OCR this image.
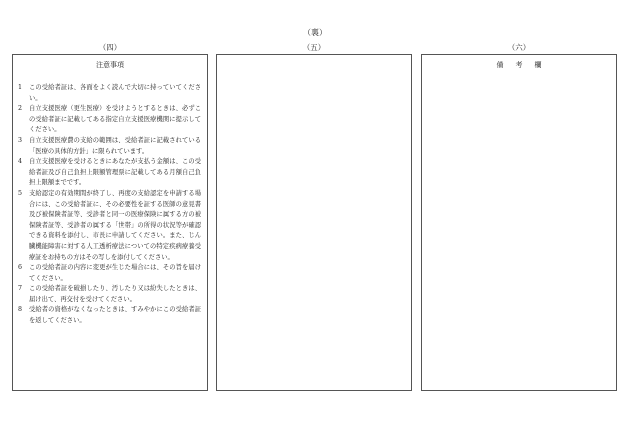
（裏）
（四）	（五）	（六）
注意事項
1	この受給者証は、各面をよく読んで大切に持っていてください。
2	自立支援医療（更生医療）を受けようとするときは、必ずこの受給者証に記載してある指定自立支援医療機関に提示してください。
3	自立支援医療費の支給の範囲は、受給者証に記載されている「医療の具体的方針」に限られています。
4	自立支援医療を受けるときにあなたが支払う金額は、この受給者証及び自己負担上限額管理票に記載してある月額自己負担上限額までです。
5	支給認定の有効期間が終了し、再度の支給認定を申請する場合には、この受給者証に、その必要性を証する医師の意見書及び被保険者証等、受診者と同一の医療保険に属する方の被保険者証等、受診者の属する「世帯」の所得の状況等が確認できる資料を添付し、市長に申請してください。また、じん臓機能障害に対する人工透析療法についての特定疾病療養受療証をお持ちの方はその写しを添付してください。
6	この受給者証の内容に変更が生じた場合には、その旨を届けてください。
7	この受給者証を破損したり、汚したり又は紛失したときは、届け出て、再交付を受けてください。
8	受給者の資格がなくなったときは、すみやかにこの受給者証を返してください。
備考欄
